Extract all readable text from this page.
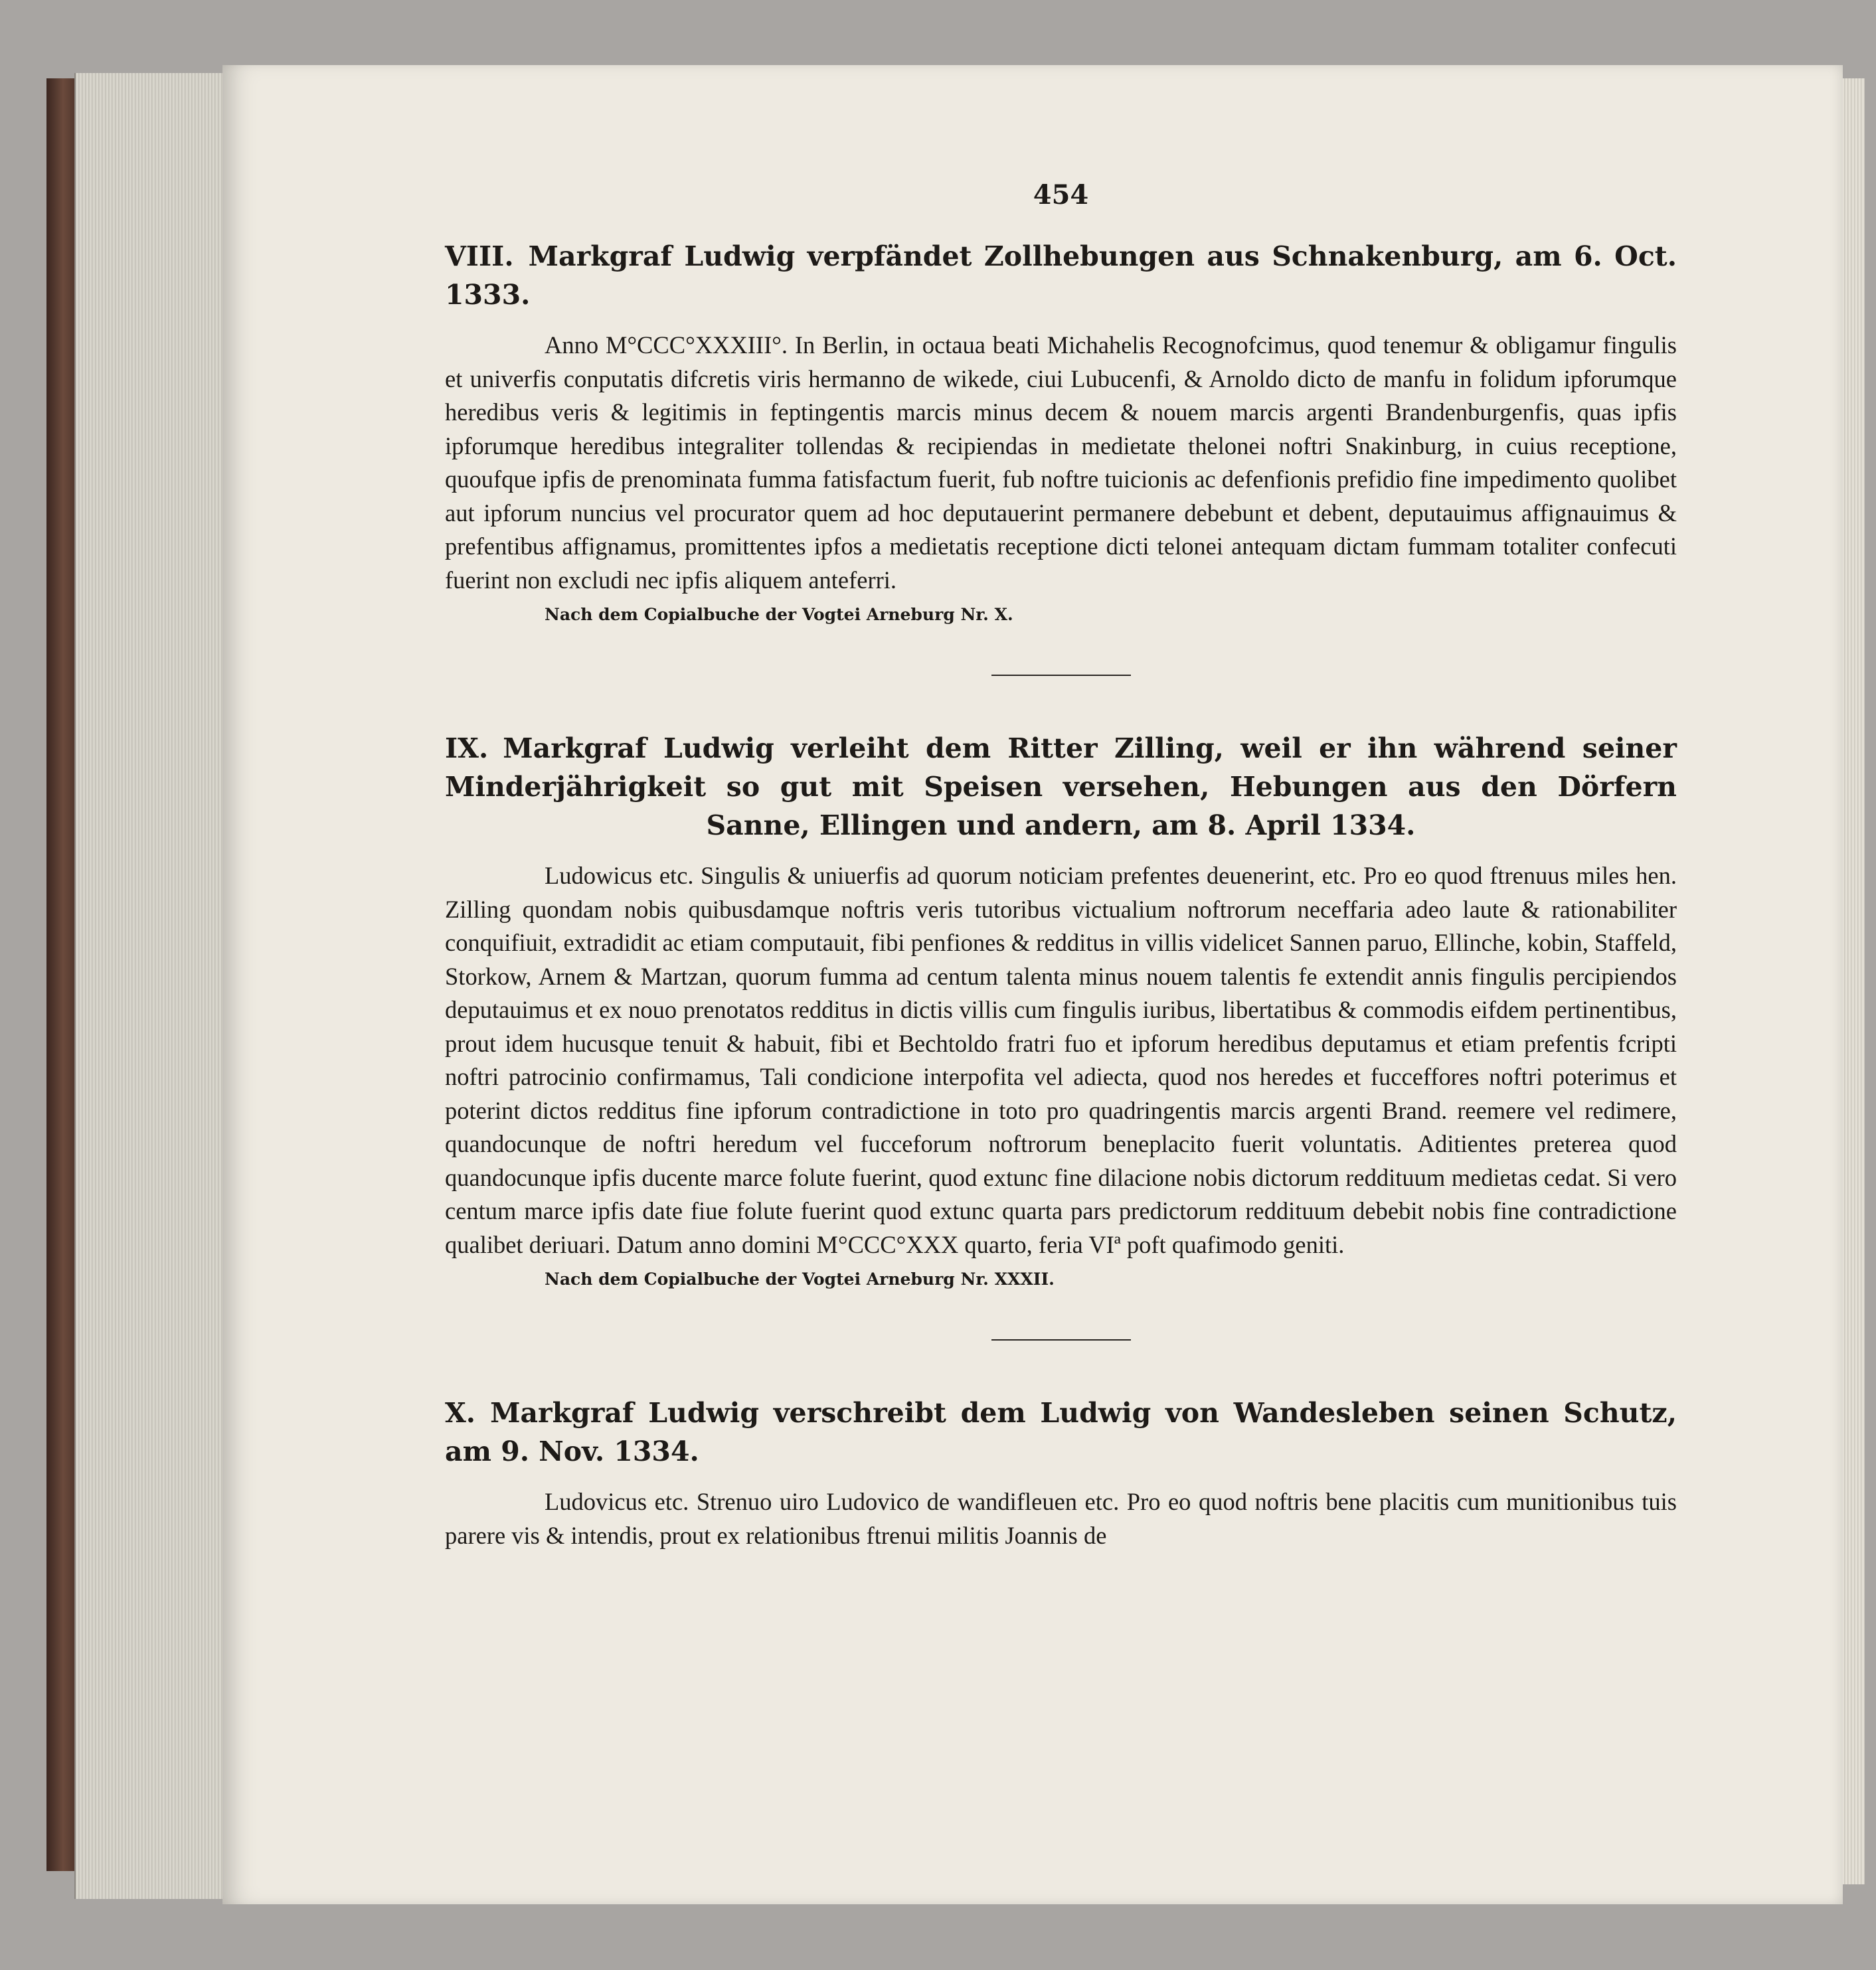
454
VIII. Markgraf Ludwig verpfändet Zollhebungen aus Schnakenburg, am 6. Oct. 1333.

Anno M°CCC°XXXIII°. In Berlin, in octaua beati Michahelis Recognofcimus, quod tenemur & obligamur fingulis et univerfis conputatis difcretis viris hermanno de wikede, ciui Lubucenfi, & Arnoldo dicto de manfu in folidum ipforumque heredibus veris & legitimis in feptingentis marcis minus decem & nouem marcis argenti Brandenburgenfis, quas ipfis ipforumque heredibus integraliter tollendas & recipiendas in medietate thelonei noftri Snakinburg, in cuius receptione, quoufque ipfis de prenominata fumma fatisfactum fuerit, fub noftre tuicionis ac defenfionis prefidio fine impedimento quolibet aut ipforum nuncius vel procurator quem ad hoc deputauerint permanere debebunt et debent, deputauimus affignauimus & prefentibus affignamus, promittentes ipfos a medietatis receptione dicti telonei antequam dictam fummam totaliter confecuti fuerint non excludi nec ipfis aliquem anteferri.

Nach dem Copialbuche der Vogtei Arneburg Nr. X.
IX. Markgraf Ludwig verleiht dem Ritter Zilling, weil er ihn während seiner Minderjährigkeit so gut mit Speisen versehen, Hebungen aus den Dörfern Sanne, Ellingen und andern, am 8. April 1334.

Ludowicus etc. Singulis & uniuerfis ad quorum noticiam prefentes deuenerint, etc. Pro eo quod ftrenuus miles hen. Zilling quondam nobis quibusdamque noftris veris tutoribus victualium noftrorum neceffaria adeo laute & rationabiliter conquifiuit, extradidit ac etiam computauit, fibi penfiones & redditus in villis videlicet Sannen paruo, Ellinche, kobin, Staffeld, Storkow, Arnem & Martzan, quorum fumma ad centum talenta minus nouem talentis fe extendit annis fingulis percipiendos deputauimus et ex nouo prenotatos redditus in dictis villis cum fingulis iuribus, libertatibus & commodis eifdem pertinentibus, prout idem hucusque tenuit & habuit, fibi et Bechtoldo fratri fuo et ipforum heredibus deputamus et etiam prefentis fcripti noftri patrocinio confirmamus, Tali condicione interpofita vel adiecta, quod nos heredes et fucceffores noftri poterimus et poterint dictos redditus fine ipforum contradictione in toto pro quadringentis marcis argenti Brand. reemere vel redimere, quandocunque de noftri heredum vel fucceforum noftrorum beneplacito fuerit voluntatis. Aditientes preterea quod quandocunque ipfis ducente marce folute fuerint, quod extunc fine dilacione nobis dictorum reddituum medietas cedat. Si vero centum marce ipfis date fiue folute fuerint quod extunc quarta pars predictorum reddituum debebit nobis fine contradictione qualibet deriuari. Datum anno domini M°CCC°XXX quarto, feria VIª poft quafimodo geniti.

Nach dem Copialbuche der Vogtei Arneburg Nr. XXXII.
X. Markgraf Ludwig verschreibt dem Ludwig von Wandesleben seinen Schutz, am 9. Nov. 1334.

Ludovicus etc. Strenuo uiro Ludovico de wandifleuen etc. Pro eo quod noftris bene placitis cum munitionibus tuis parere vis & intendis, prout ex relationibus ftrenui militis Joannis de
